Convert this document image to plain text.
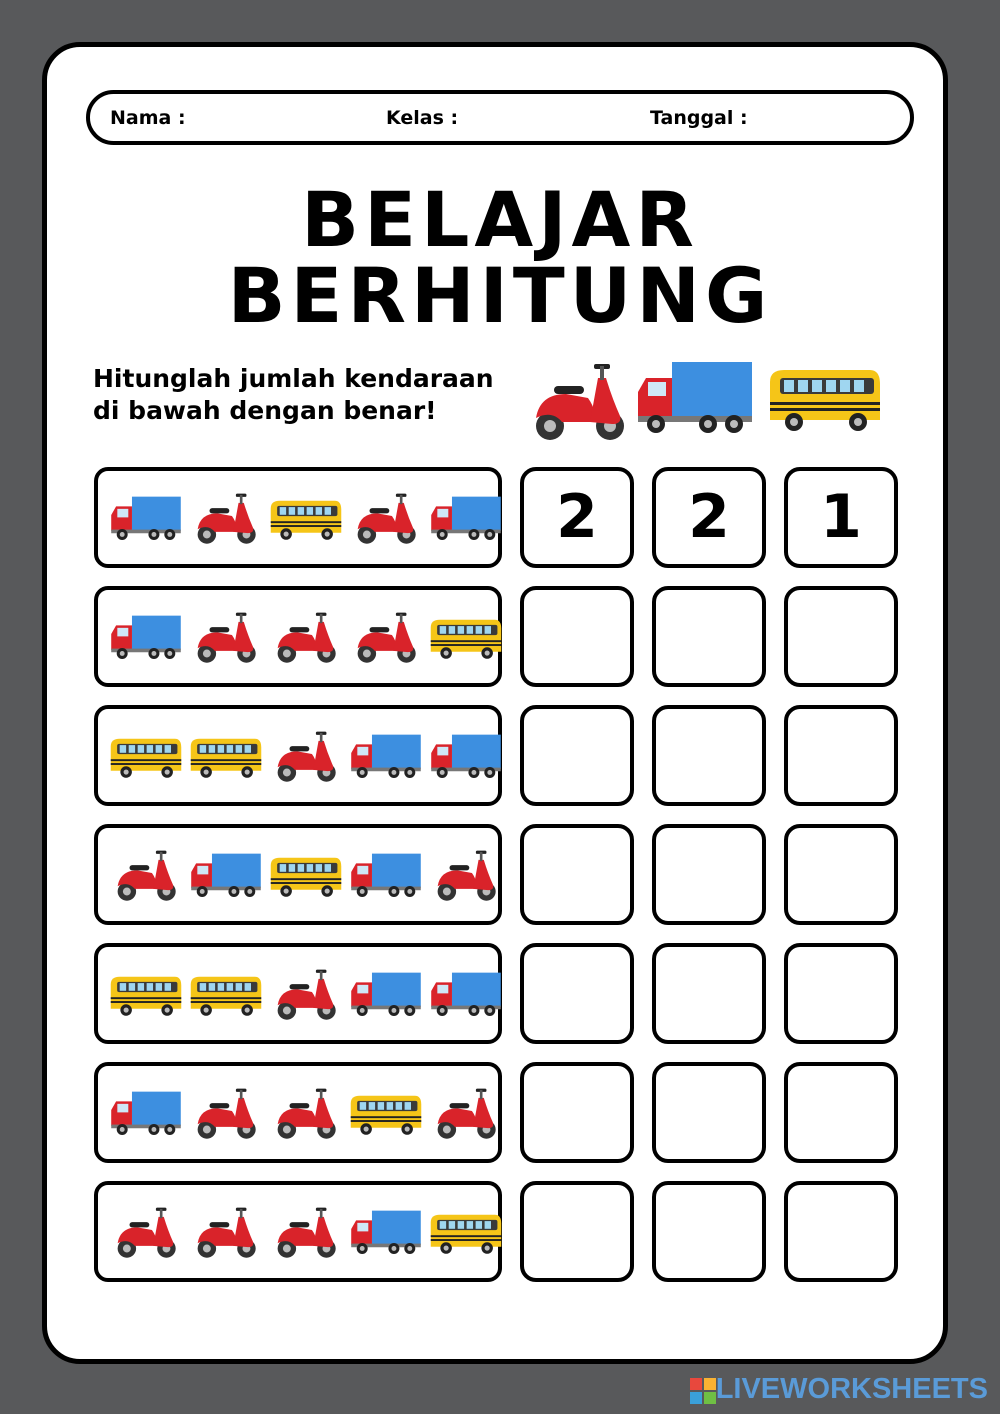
Nama :	Kelas :	Tanggal :
BELAJAR
BERHITUNG
Hitunglah jumlah kendaraan
di bawah dengan benar!
2	2	1
LIVEWORKSHEETS
